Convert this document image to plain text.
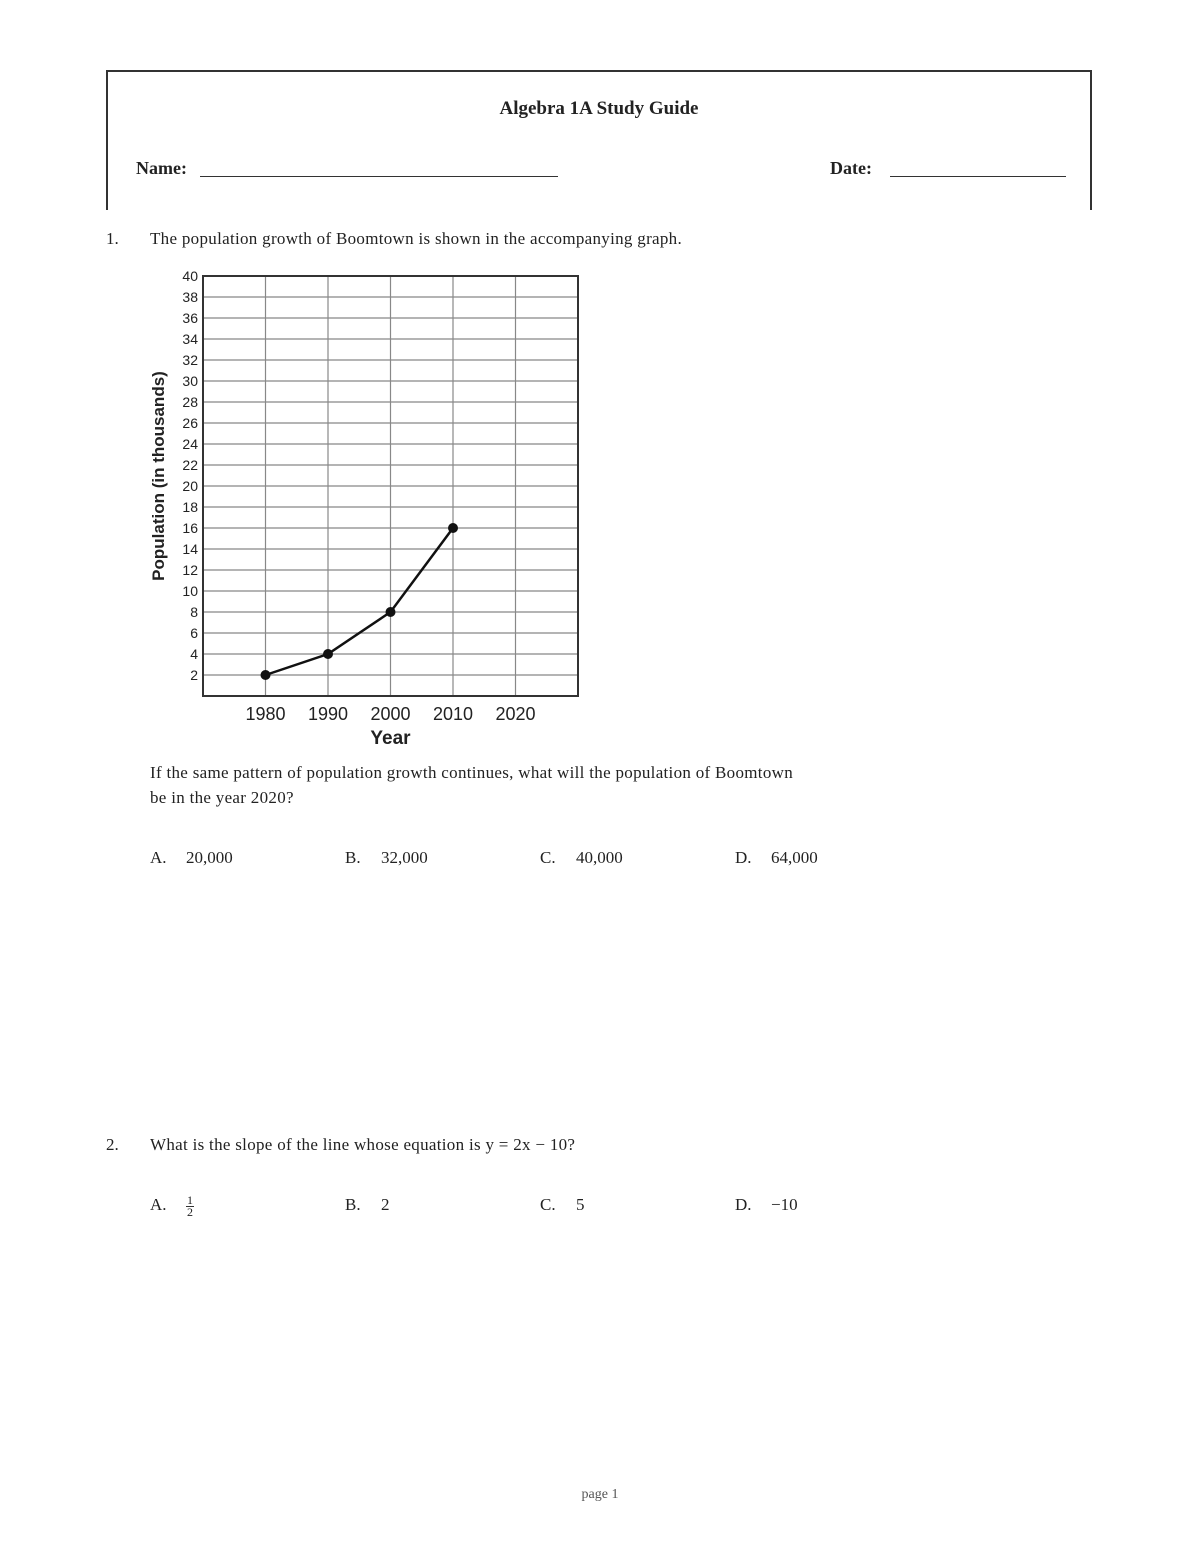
Algebra 1A Study Guide
Name:	Date:
1. The population growth of Boomtown is shown in the accompanying graph.
2
4
6
8
10
12
14
16
18
20
22
24
26
28
30
32
34
36
38
40
1980 1990 2000 2010 2020
Population (in thousands)
Year
If the same pattern of population growth continues, what will the population of Boomtown
be in the year 2020?
A. 20,000	B. 32,000	C. 40,000	D. 64,000
2. What is the slope of the line whose equation is y = 2x − 10?
A. $\frac{1}{2}$	B. 2	C. 5	D. −10
page 1
